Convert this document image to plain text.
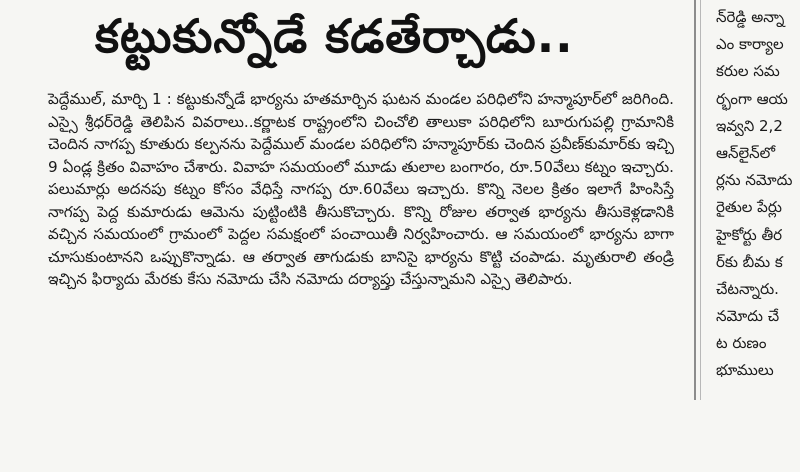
కట్టుకున్నోడే కడతేర్చాడు..

పెద్దేముల్, మార్చి 1 : కట్టుకున్నోడే భార్యను హతమార్చిన ఘటన మండల పరిధిలోని హన్మాపూర్‌లో జరిగింది. ఎస్సై శ్రీధర్‌రెడ్డి తెలిపిన వివరాలు..కర్ణాటక రాష్ట్రంలోని చించోలి తాలుకా పరిధిలోని బూరుగుపల్లి గ్రామానికి చెందిన నాగప్ప కూతురు కల్పనను పెద్దేముల్ మండల పరిధిలోని హన్మాపూర్‌కు చెందిన ప్రవీణ్‌కుమార్‌కు ఇచ్చి 9 ఏండ్ల క్రితం వివాహం చేశారు. వివాహ సమయంలో మూడు తులాల బంగారం, రూ.50వేలు కట్నం ఇచ్చారు. పలుమార్లు అదనపు కట్నం కోసం వేధిస్తే నాగప్ప రూ.60వేలు ఇచ్చారు. కొన్ని నెలల క్రితం ఇలాగే హింసిస్తే నాగప్ప పెద్ద కుమారుడు ఆమెను పుట్టింటికి తీసుకొచ్చారు. కొన్ని రోజుల తర్వాత భార్యను తీసుకెళ్లడానికి వచ్చిన సమయంలో గ్రామంలో పెద్దల సమక్షంలో పంచాయితీ నిర్వహించారు. ఆ సమయంలో భార్యను బాగా చూసుకుంటానని ఒప్పుకొన్నాడు. ఆ తర్వాత తాగుడుకు బానిసై భార్యను కొట్టి చంపాడు. మృతురాలి తండ్రి ఇచ్చిన ఫిర్యాదు మేరకు కేసు నమోదు చేసి నమోదు దర్యాప్తు చేస్తున్నామని ఎస్సై తెలిపారు.

న్‌రెడ్డి అన్నా
ఎం కార్యాల
కరుల సమ
ర్భంగా ఆయ
ఇవ్వని 2,2
ఆన్‌లైన్‌లో
ర్లను నమోదు
రైతుల పేర్లు
హైకోర్టు తీర
ర్‌కు బీమ క
చేటన్నారు.
నమోదు చే
ట రుణం
భూములు
